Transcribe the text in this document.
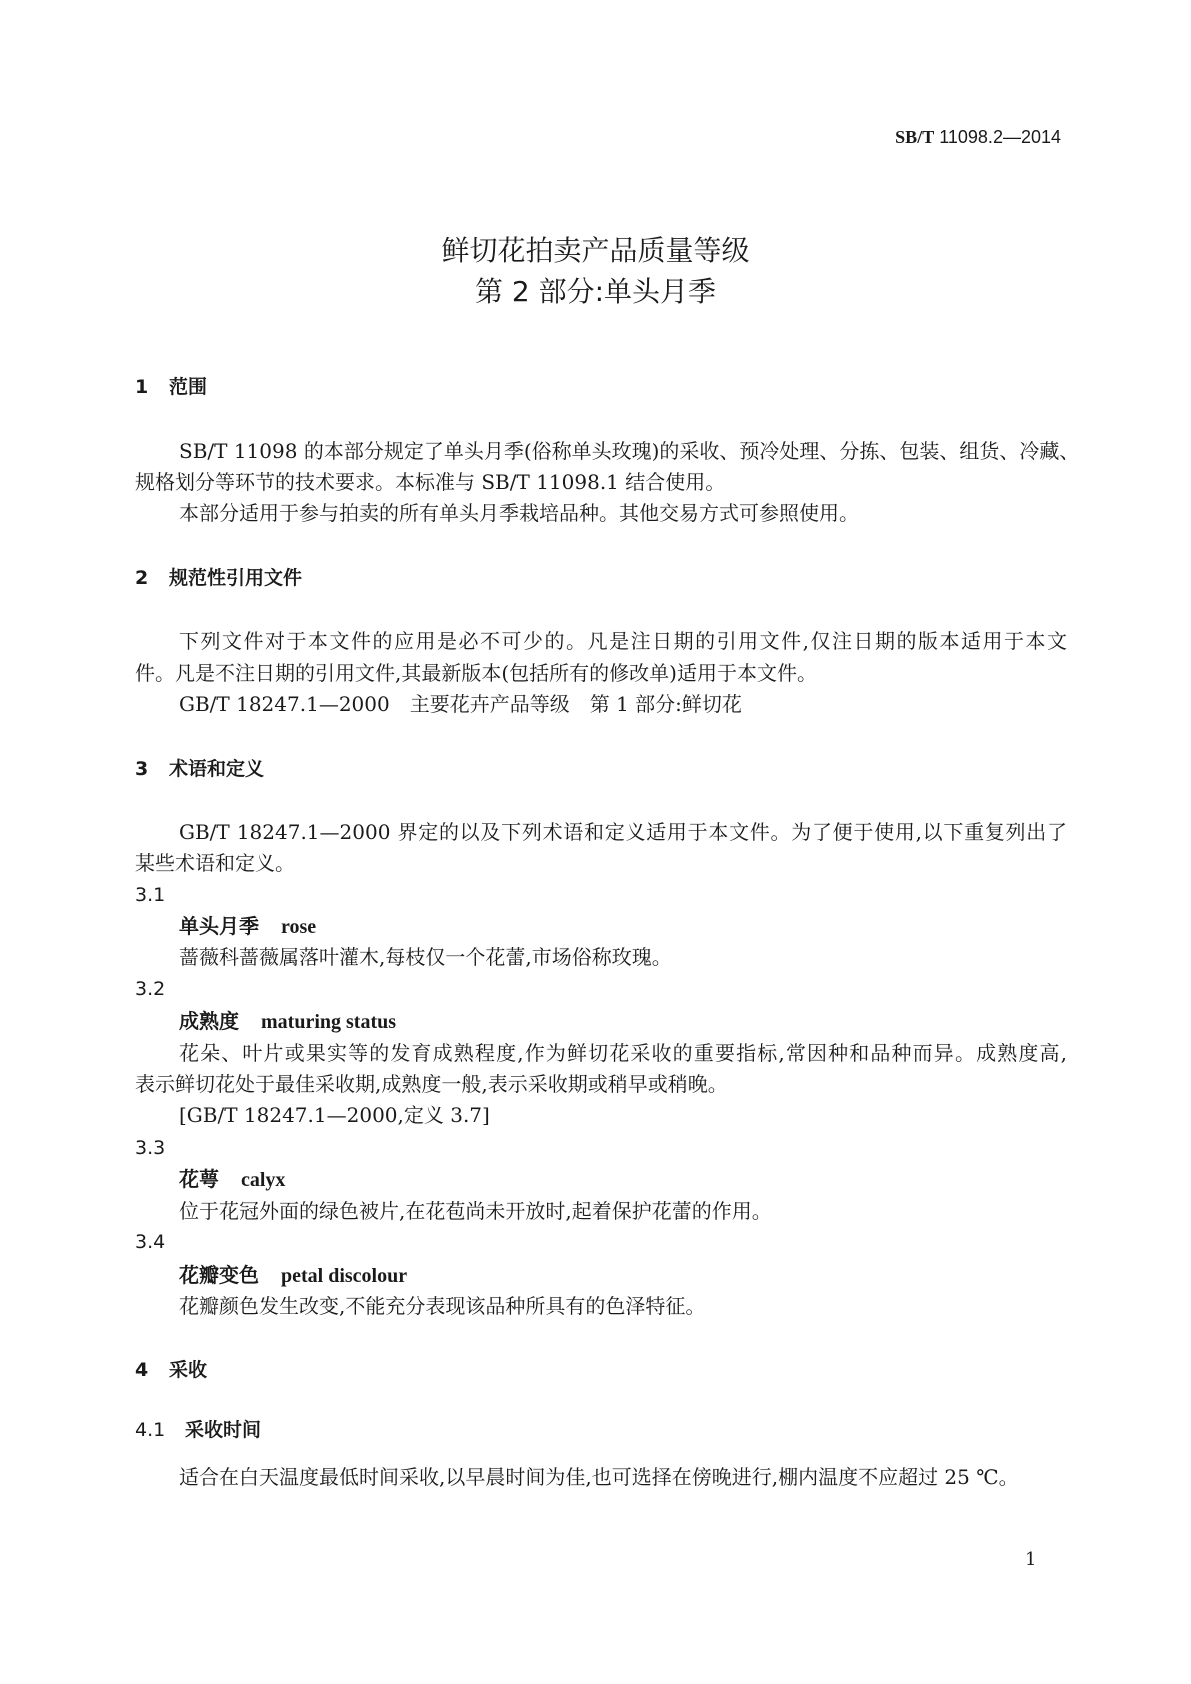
SB/T 11098.2—2014
鲜切花拍卖产品质量等级
第 2 部分:单头月季
1 范围
SB/T 11098 的本部分规定了单头月季(俗称单头玫瑰)的采收、预冷处理、分拣、包装、组货、冷藏、
规格划分等环节的技术要求。本标准与 SB/T 11098.1 结合使用。
本部分适用于参与拍卖的所有单头月季栽培品种。其他交易方式可参照使用。
2 规范性引用文件
下列文件对于本文件的应用是必不可少的。凡是注日期的引用文件,仅注日期的版本适用于本文
件。凡是不注日期的引用文件,其最新版本(包括所有的修改单)适用于本文件。
GB/T 18247.1—2000　主要花卉产品等级　第 1 部分:鲜切花
3 术语和定义
GB/T 18247.1—2000 界定的以及下列术语和定义适用于本文件。为了便于使用,以下重复列出了
某些术语和定义。
3.1
单头月季 rose
蔷薇科蔷薇属落叶灌木,每枝仅一个花蕾,市场俗称玫瑰。
3.2
成熟度 maturing status
花朵、叶片或果实等的发育成熟程度,作为鲜切花采收的重要指标,常因种和品种而异。成熟度高,
表示鲜切花处于最佳采收期,成熟度一般,表示采收期或稍早或稍晚。
[GB/T 18247.1—2000,定义 3.7]
3.3
花萼 calyx
位于花冠外面的绿色被片,在花苞尚未开放时,起着保护花蕾的作用。
3.4
花瓣变色 petal discolour
花瓣颜色发生改变,不能充分表现该品种所具有的色泽特征。
4 采收
4.1 采收时间
适合在白天温度最低时间采收,以早晨时间为佳,也可选择在傍晚进行,棚内温度不应超过 25 ℃。
1
